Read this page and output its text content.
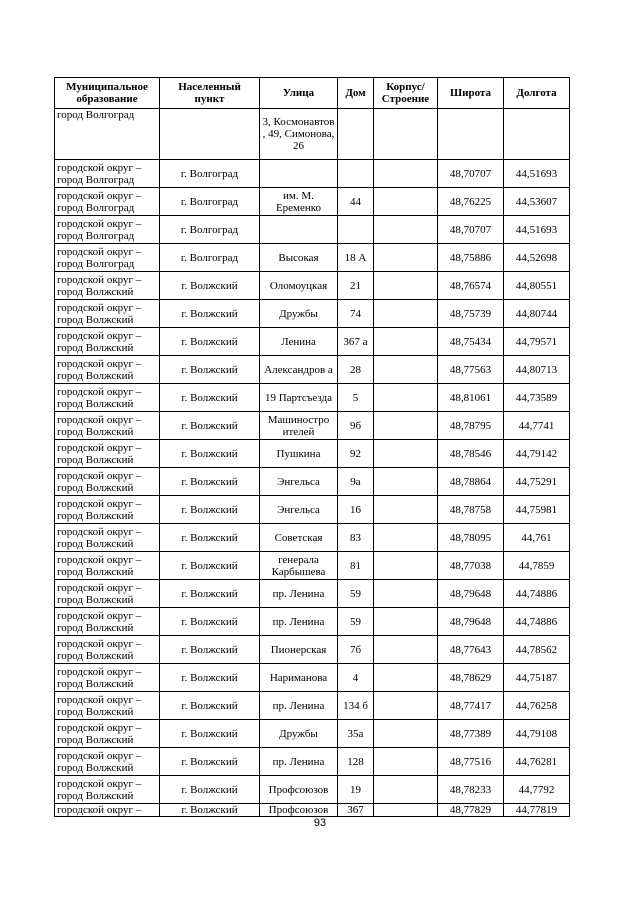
Муниципальное образование	Населенный пункт	Улица	Дом	Корпус/ Строение	Широта	Долгота
город Волгоград		3, Космонавтов , 49, Симонова, 26				
городской округ – город Волгоград	г. Волгоград				48,70707	44,51693
городской округ – город Волгоград	г. Волгоград	им. М. Еременко	44		48,76225	44,53607
городской округ – город Волгоград	г. Волгоград				48,70707	44,51693
городской округ – город Волгоград	г. Волгоград	Высокая	18 А		48,75886	44,52698
городской округ – город Волжский	г. Волжский	Оломоуцкая	21		48,76574	44,80551
городской округ – город Волжский	г. Волжский	Дружбы	74		48,75739	44,80744
городской округ – город Волжский	г. Волжский	Ленина	367 а		48,75434	44,79571
городской округ – город Волжский	г. Волжский	Александров а	28		48,77563	44,80713
городской округ – город Волжский	г. Волжский	19 Партсъезда	5		48,81061	44,73589
городской округ – город Волжский	г. Волжский	Машиностро ителей	9б		48,78795	44,7741
городской округ – город Волжский	г. Волжский	Пушкина	92		48,78546	44,79142
городской округ – город Волжский	г. Волжский	Энгельса	9а		48,78864	44,75291
городской округ – город Волжский	г. Волжский	Энгельса	16		48,78758	44,75981
городской округ – город Волжский	г. Волжский	Советская	83		48,78095	44,761
городской округ – город Волжский	г. Волжский	генерала Карбышева	81		48,77038	44,7859
городской округ – город Волжский	г. Волжский	пр. Ленина	59		48,79648	44,74886
городской округ – город Волжский	г. Волжский	пр. Ленина	59		48,79648	44,74886
городской округ – город Волжский	г. Волжский	Пионерская	7б		48,77643	44,78562
городской округ – город Волжский	г. Волжский	Нариманова	4		48,78629	44,75187
городской округ – город Волжский	г. Волжский	пр. Ленина	134 б		48,77417	44,76258
городской округ – город Волжский	г. Волжский	Дружбы	35а		48,77389	44,79108
городской округ – город Волжский	г. Волжский	пр. Ленина	128		48,77516	44,76281
городской округ – город Волжский	г. Волжский	Профсоюзов	19		48,78233	44,7792
городской округ –	г. Волжский	Профсоюзов	367		48,77829	44,77819
93
